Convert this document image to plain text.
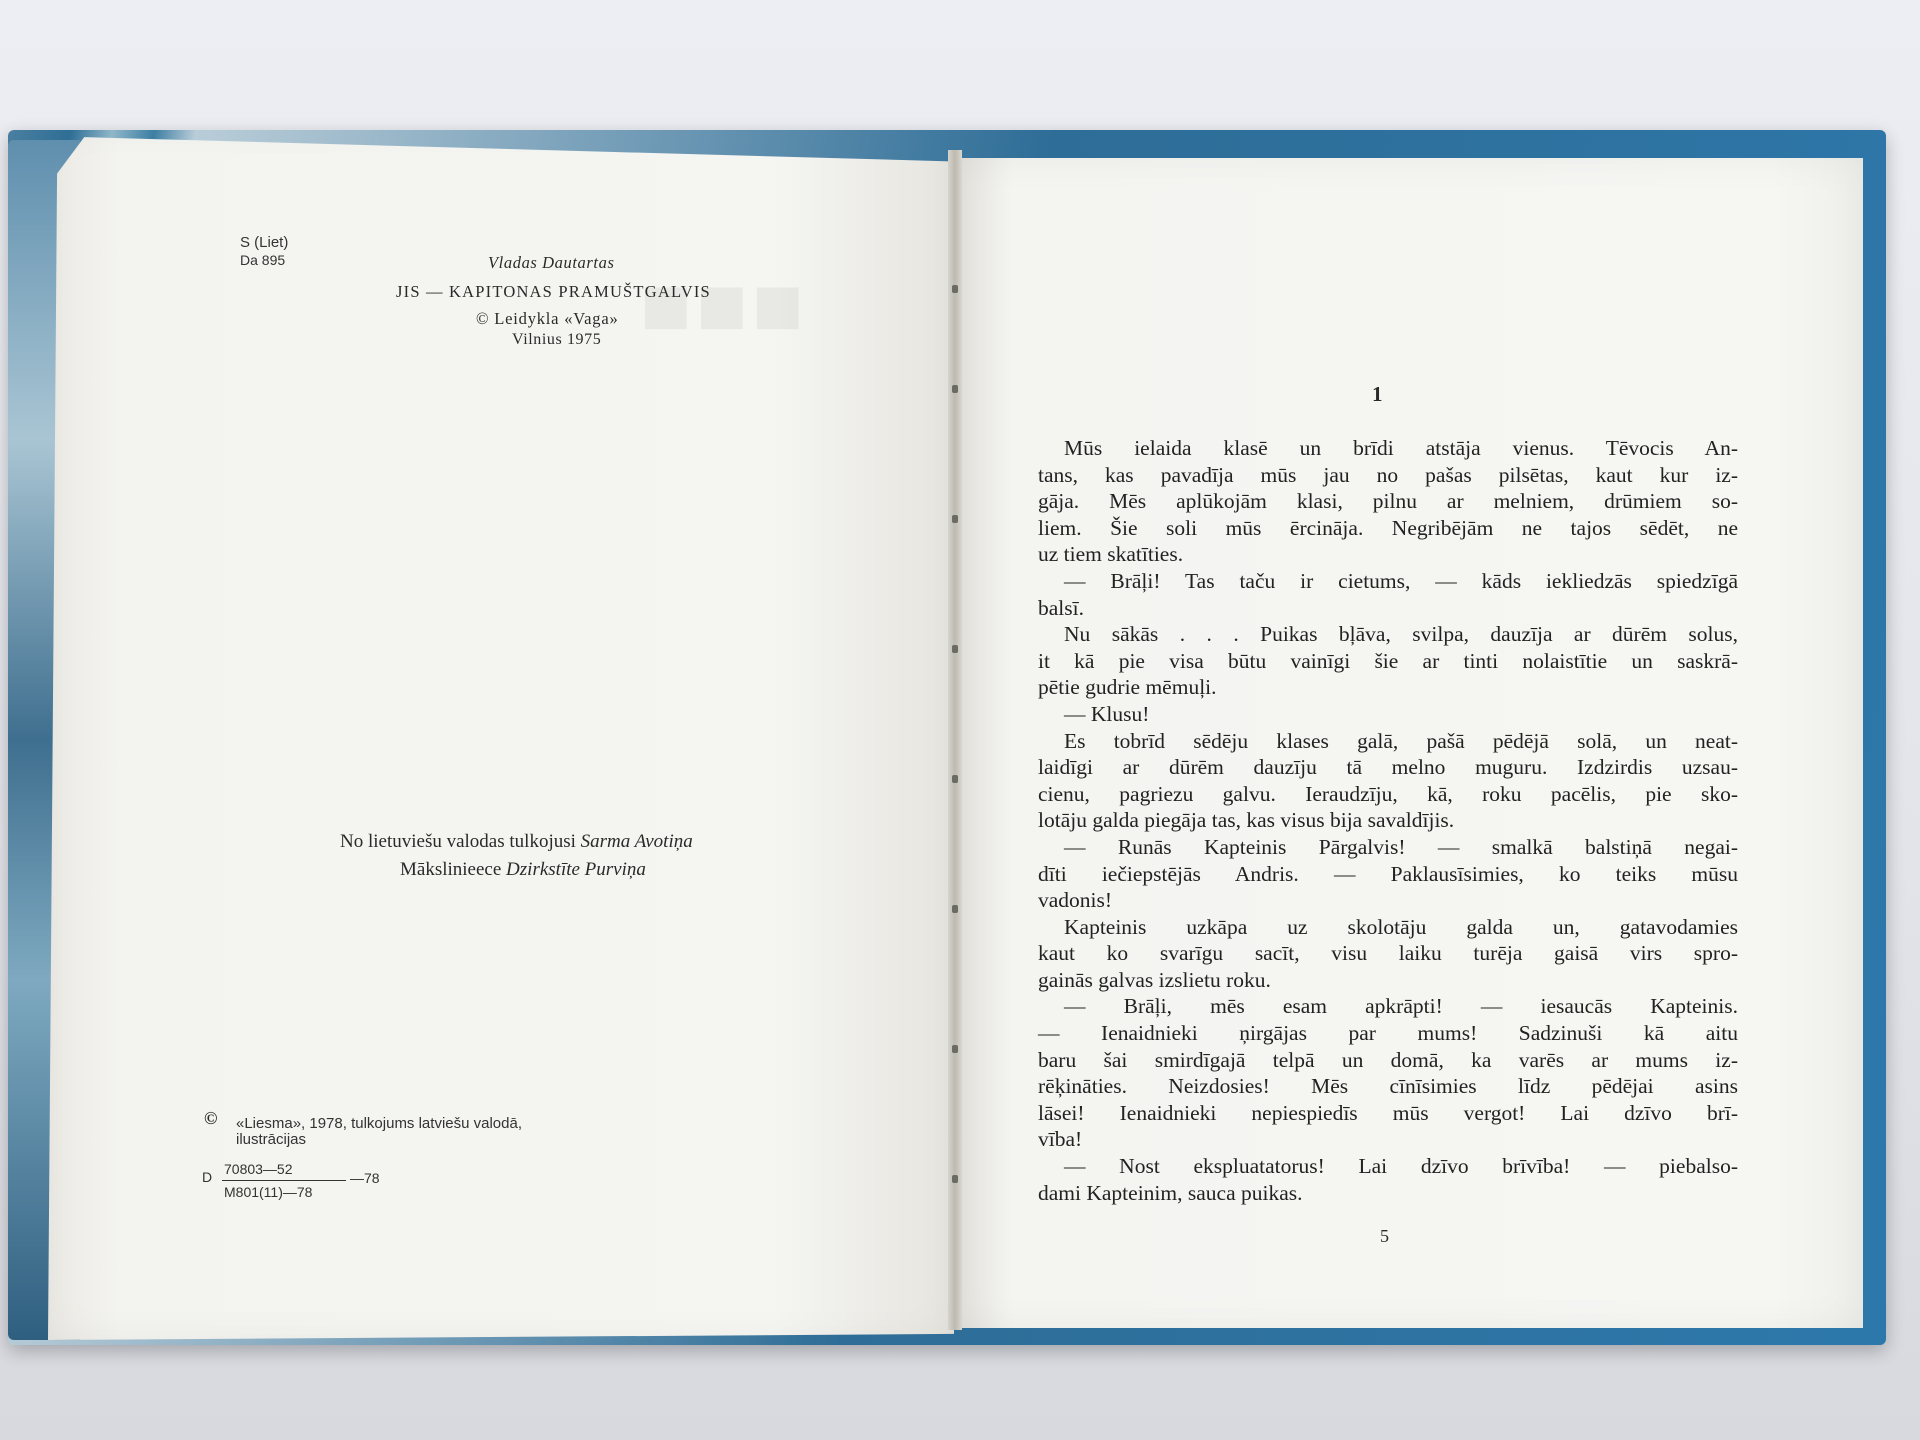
■■■
S (Liet)
Da 895	Vladas Dautartas
JIS — KAPITONAS PRAMUŠTGALVIS
© Leidykla «Vaga»
Vilnius 1975
No lietuviešu valodas tulkojusi Sarma Avotiņa
Mākslinieece Dzirkstīte Purviņa
© «Liesma», 1978, tulkojums latviešu valodā,
ilustrācijas
D 70803—52
M801(11)—78
—78
1
Mūs ielaida klasē un brīdi atstāja vienus. Tēvocis An-
tans, kas pavadīja mūs jau no pašas pilsētas, kaut kur iz-
gāja. Mēs aplūkojām klasi, pilnu ar melniem, drūmiem so-
liem. Šie soli mūs ērcināja. Negribējām ne tajos sēdēt, ne
uz tiem skatīties.
— Brāļi! Tas taču ir cietums, — kāds iekliedzās spiedzīgā
balsī.
Nu sākās . . . Puikas bļāva, svilpa, dauzīja ar dūrēm solus,
it kā pie visa būtu vainīgi šie ar tinti nolaistītie un saskrā-
pētie gudrie mēmuļi.
— Klusu!
Es tobrīd sēdēju klases galā, pašā pēdējā solā, un neat-
laidīgi ar dūrēm dauzīju tā melno muguru. Izdzirdis uzsau-
cienu, pagriezu galvu. Ieraudzīju, kā, roku pacēlis, pie sko-
lotāju galda piegāja tas, kas visus bija savaldījis.
— Runās Kapteinis Pārgalvis! — smalkā balstiņā negai-
dīti iečiepstējās Andris. — Paklausīsimies, ko teiks mūsu
vadonis!
Kapteinis uzkāpa uz skolotāju galda un, gatavodamies
kaut ko svarīgu sacīt, visu laiku turēja gaisā virs spro-
gainās galvas izslietu roku.
— Brāļi, mēs esam apkrāpti! — iesaucās Kapteinis.
— Ienaidnieki ņirgājas par mums! Sadzinuši kā aitu
baru šai smirdīgajā telpā un domā, ka varēs ar mums iz-
rēķināties. Neizdosies! Mēs cīnīsimies līdz pēdējai asins
lāsei! Ienaidnieki nepiespiedīs mūs vergot! Lai dzīvo brī-
vība!
— Nost ekspluatatorus! Lai dzīvo brīvība! — piebalso-
dami Kapteinim, sauca puikas.
5
